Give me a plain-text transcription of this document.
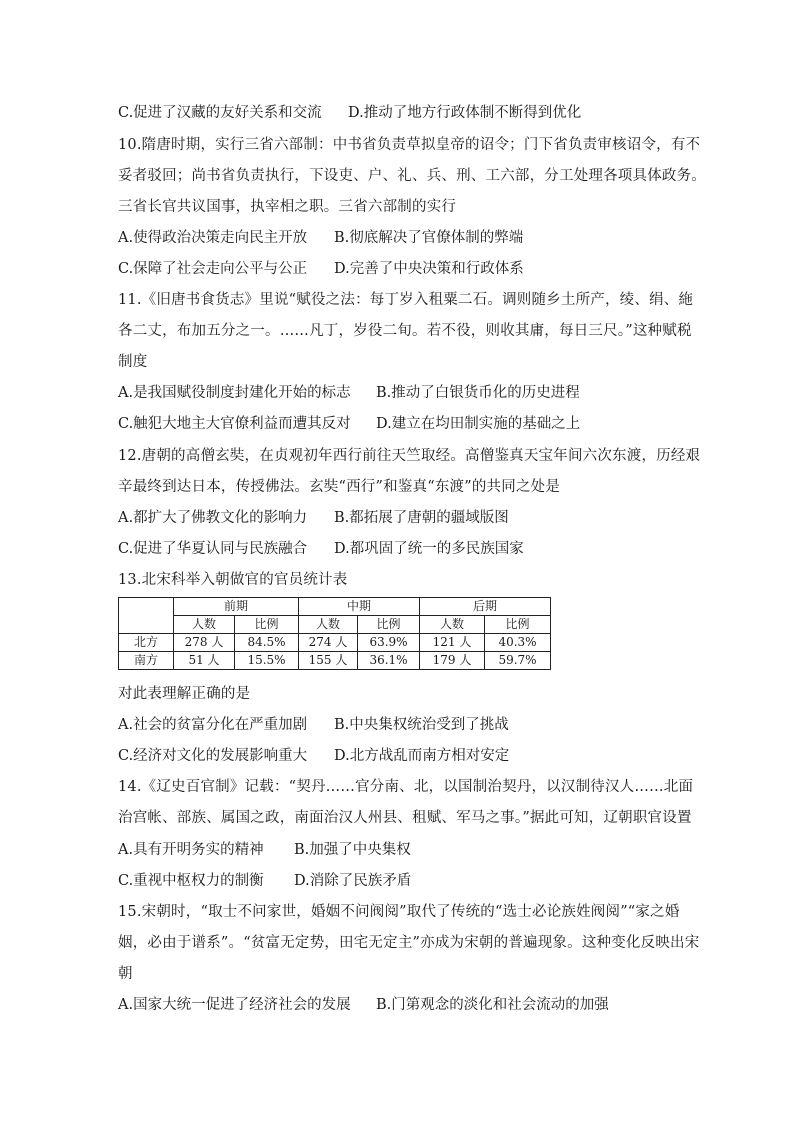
C.促进了汉藏的友好关系和交流 D.推动了地方行政体制不断得到优化
10.隋唐时期，实行三省六部制：中书省负责草拟皇帝的诏令；门下省负责审核诏令，有不
妥者驳回；尚书省负责执行，下设吏、户、礼、兵、刑、工六部，分工处理各项具体政务。
三省长官共议国事，执宰相之职。三省六部制的实行
A.使得政治决策走向民主开放 B.彻底解决了官僚体制的弊端
C.保障了社会走向公平与公正 D.完善了中央决策和行政体系
11.《旧唐书食货志》里说“赋役之法：每丁岁入租粟二石。调则随乡土所产，绫、绢、絁
各二丈，布加五分之一。……凡丁，岁役二旬。若不役，则收其庸，每日三尺。”这种赋税
制度
A.是我国赋役制度封建化开始的标志 B.推动了白银货币化的历史进程
C.触犯大地主大官僚利益而遭其反对 D.建立在均田制实施的基础之上
12.唐朝的高僧玄奘，在贞观初年西行前往天竺取经。高僧鉴真天宝年间六次东渡，历经艰
辛最终到达日本，传授佛法。玄奘“西行”和鉴真“东渡”的共同之处是
A.都扩大了佛教文化的影响力 B.都拓展了唐朝的疆域版图
C.促进了华夏认同与民族融合 D.都巩固了统一的多民族国家
13.北宋科举入朝做官的官员统计表
	前期		中期		后期	
	人数	比例	人数	比例	人数	比例
北方	278 人	84.5%	274 人	63.9%	121 人	40.3%
南方	51 人	15.5%	155 人	36.1%	179 人	59.7%
对此表理解正确的是
A.社会的贫富分化在严重加剧 B.中央集权统治受到了挑战
C.经济对文化的发展影响重大 D.北方战乱而南方相对安定
14.《辽史百官制》记载：“契丹……官分南、北，以国制治契丹，以汉制待汉人……北面
治宫帐、部族、属国之政，南面治汉人州县、租赋、军马之事。”据此可知，辽朝职官设置
A.具有开明务实的精神 B.加强了中央集权
C.重视中枢权力的制衡 D.消除了民族矛盾
15.宋朝时，“取士不问家世，婚姻不问阀阅”取代了传统的“选士必论族姓阀阅”“家之婚
姻，必由于谱系”。“贫富无定势，田宅无定主”亦成为宋朝的普遍现象。这种变化反映出宋
朝
A.国家大统一促进了经济社会的发展 B.门第观念的淡化和社会流动的加强
